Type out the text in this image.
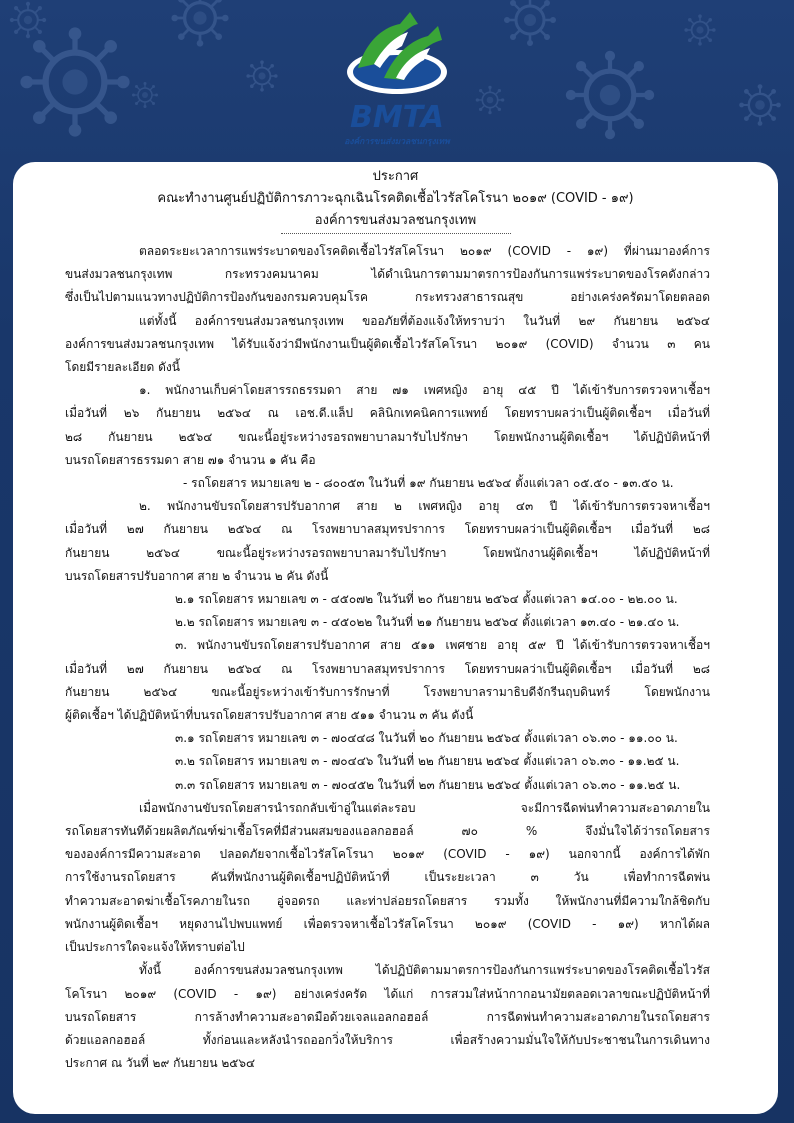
BMTA
องค์การขนส่งมวลชนกรุงเทพ
ประกาศ
คณะทำงานศูนย์ปฏิบัติการภาวะฉุกเฉินโรคติดเชื้อไวรัสโคโรนา ๒๐๑๙ (COVID - ๑๙)
องค์การขนส่งมวลชนกรุงเทพ

ตลอดระยะเวลาการแพร่ระบาดของโรคติดเชื้อไวรัสโคโรนา ๒๐๑๙ (COVID - ๑๙) ที่ผ่านมาองค์การ

ขนส่งมวลชนกรุงเทพ กระทรวงคมนาคม ได้ดำเนินการตามมาตรการป้องกันการแพร่ระบาดของโรคดังกล่าว

ซึ่งเป็นไปตามแนวทางปฏิบัติการป้องกันของกรมควบคุมโรค กระทรวงสาธารณสุข อย่างเคร่งครัดมาโดยตลอด

แต่ทั้งนี้ องค์การขนส่งมวลชนกรุงเทพ ขออภัยที่ต้องแจ้งให้ทราบว่า ในวันที่ ๒๙ กันยายน ๒๕๖๔

องค์การขนส่งมวลชนกรุงเทพ ได้รับแจ้งว่ามีพนักงานเป็นผู้ติดเชื้อไวรัสโคโรนา ๒๐๑๙ (COVID) จำนวน ๓ คน

โดยมีรายละเอียด ดังนี้

๑. พนักงานเก็บค่าโดยสารรถธรรมดา สาย ๗๑ เพศหญิง อายุ ๔๕ ปี ได้เข้ารับการตรวจหาเชื้อฯ

เมื่อวันที่ ๒๖ กันยายน ๒๕๖๔ ณ เอช.ดี.แล็ป คลินิกเทคนิคการแพทย์ โดยทราบผลว่าเป็นผู้ติดเชื้อฯ เมื่อวันที่

๒๘ กันยายน ๒๕๖๔ ขณะนี้อยู่ระหว่างรอรถพยาบาลมารับไปรักษา โดยพนักงานผู้ติดเชื้อฯ ได้ปฏิบัติหน้าที่

บนรถโดยสารธรรมดา สาย ๗๑ จำนวน ๑ คัน คือ

- รถโดยสาร หมายเลข ๒ - ๘๐๐๕๓ ในวันที่ ๑๙ กันยายน ๒๕๖๔ ตั้งแต่เวลา ๐๕.๕๐ - ๑๓.๕๐ น.

๒. พนักงานขับรถโดยสารปรับอากาศ สาย ๒ เพศหญิง อายุ ๔๓ ปี ได้เข้ารับการตรวจหาเชื้อฯ

เมื่อวันที่ ๒๗ กันยายน ๒๕๖๔ ณ โรงพยาบาลสมุทรปราการ โดยทราบผลว่าเป็นผู้ติดเชื้อฯ เมื่อวันที่ ๒๘

กันยายน ๒๕๖๔ ขณะนี้อยู่ระหว่างรอรถพยาบาลมารับไปรักษา โดยพนักงานผู้ติดเชื้อฯ ได้ปฏิบัติหน้าที่

บนรถโดยสารปรับอากาศ สาย ๒ จำนวน ๒ คัน ดังนี้

๒.๑ รถโดยสาร หมายเลข ๓ - ๔๕๐๗๒ ในวันที่ ๒๐ กันยายน ๒๕๖๔ ตั้งแต่เวลา ๑๔.๐๐ - ๒๒.๐๐ น.

๒.๒ รถโดยสาร หมายเลข ๓ - ๔๕๐๒๒ ในวันที่ ๒๑ กันยายน ๒๕๖๔ ตั้งแต่เวลา ๑๓.๔๐ - ๒๑.๔๐ น.

๓. พนักงานขับรถโดยสารปรับอากาศ สาย ๕๑๑ เพศชาย อายุ ๕๙ ปี ได้เข้ารับการตรวจหาเชื้อฯ

เมื่อวันที่ ๒๗ กันยายน ๒๕๖๔ ณ โรงพยาบาลสมุทรปราการ โดยทราบผลว่าเป็นผู้ติดเชื้อฯ เมื่อวันที่ ๒๘

กันยายน ๒๕๖๔ ขณะนี้อยู่ระหว่างเข้ารับการรักษาที่ โรงพยาบาลรามาธิบดีจักรีนฤบดินทร์ โดยพนักงาน

ผู้ติดเชื้อฯ ได้ปฏิบัติหน้าที่บนรถโดยสารปรับอากาศ สาย ๕๑๑ จำนวน ๓ คัน ดังนี้

๓.๑ รถโดยสาร หมายเลข ๓ - ๗๐๔๔๘ ในวันที่ ๒๐ กันยายน ๒๕๖๔ ตั้งแต่เวลา ๐๖.๓๐ - ๑๑.๐๐ น.

๓.๒ รถโดยสาร หมายเลข ๓ - ๗๐๔๔๖ ในวันที่ ๒๒ กันยายน ๒๕๖๔ ตั้งแต่เวลา ๐๖.๓๐ - ๑๑.๒๕ น.

๓.๓ รถโดยสาร หมายเลข ๓ - ๗๐๔๕๒ ในวันที่ ๒๓ กันยายน ๒๕๖๔ ตั้งแต่เวลา ๐๖.๓๐ - ๑๑.๒๕ น.

เมื่อพนักงานขับรถโดยสารนำรถกลับเข้าอู่ในแต่ละรอบ จะมีการฉีดพ่นทำความสะอาดภายใน

รถโดยสารทันทีด้วยผลิตภัณฑ์ฆ่าเชื้อโรคที่มีส่วนผสมของแอลกอฮอล์ ๗๐ % จึงมั่นใจได้ว่ารถโดยสาร

ขององค์การมีความสะอาด ปลอดภัยจากเชื้อไวรัสโคโรนา ๒๐๑๙ (COVID - ๑๙) นอกจากนี้ องค์การได้พัก

การใช้งานรถโดยสาร คันที่พนักงานผู้ติดเชื้อฯปฏิบัติหน้าที่ เป็นระยะเวลา ๓ วัน เพื่อทำการฉีดพ่น

ทำความสะอาดฆ่าเชื้อโรคภายในรถ อู่จอดรถ และท่าปล่อยรถโดยสาร รวมทั้ง ให้พนักงานที่มีความใกล้ชิดกับ

พนักงานผู้ติดเชื้อฯ หยุดงานไปพบแพทย์ เพื่อตรวจหาเชื้อไวรัสโคโรนา ๒๐๑๙ (COVID - ๑๙) หากได้ผล

เป็นประการใดจะแจ้งให้ทราบต่อไป

ทั้งนี้ องค์การขนส่งมวลชนกรุงเทพ ได้ปฏิบัติตามมาตรการป้องกันการแพร่ระบาดของโรคติดเชื้อไวรัส

โคโรนา ๒๐๑๙ (COVID - ๑๙) อย่างเคร่งครัด ได้แก่ การสวมใส่หน้ากากอนามัยตลอดเวลาขณะปฏิบัติหน้าที่

บนรถโดยสาร การล้างทำความสะอาดมือด้วยเจลแอลกอฮอล์ การฉีดพ่นทำความสะอาดภายในรถโดยสาร

ด้วยแอลกอฮอล์ ทั้งก่อนและหลังนำรถออกวิ่งให้บริการ เพื่อสร้างความมั่นใจให้กับประชาชนในการเดินทาง

ประกาศ ณ วันที่ ๒๙ กันยายน ๒๕๖๔
